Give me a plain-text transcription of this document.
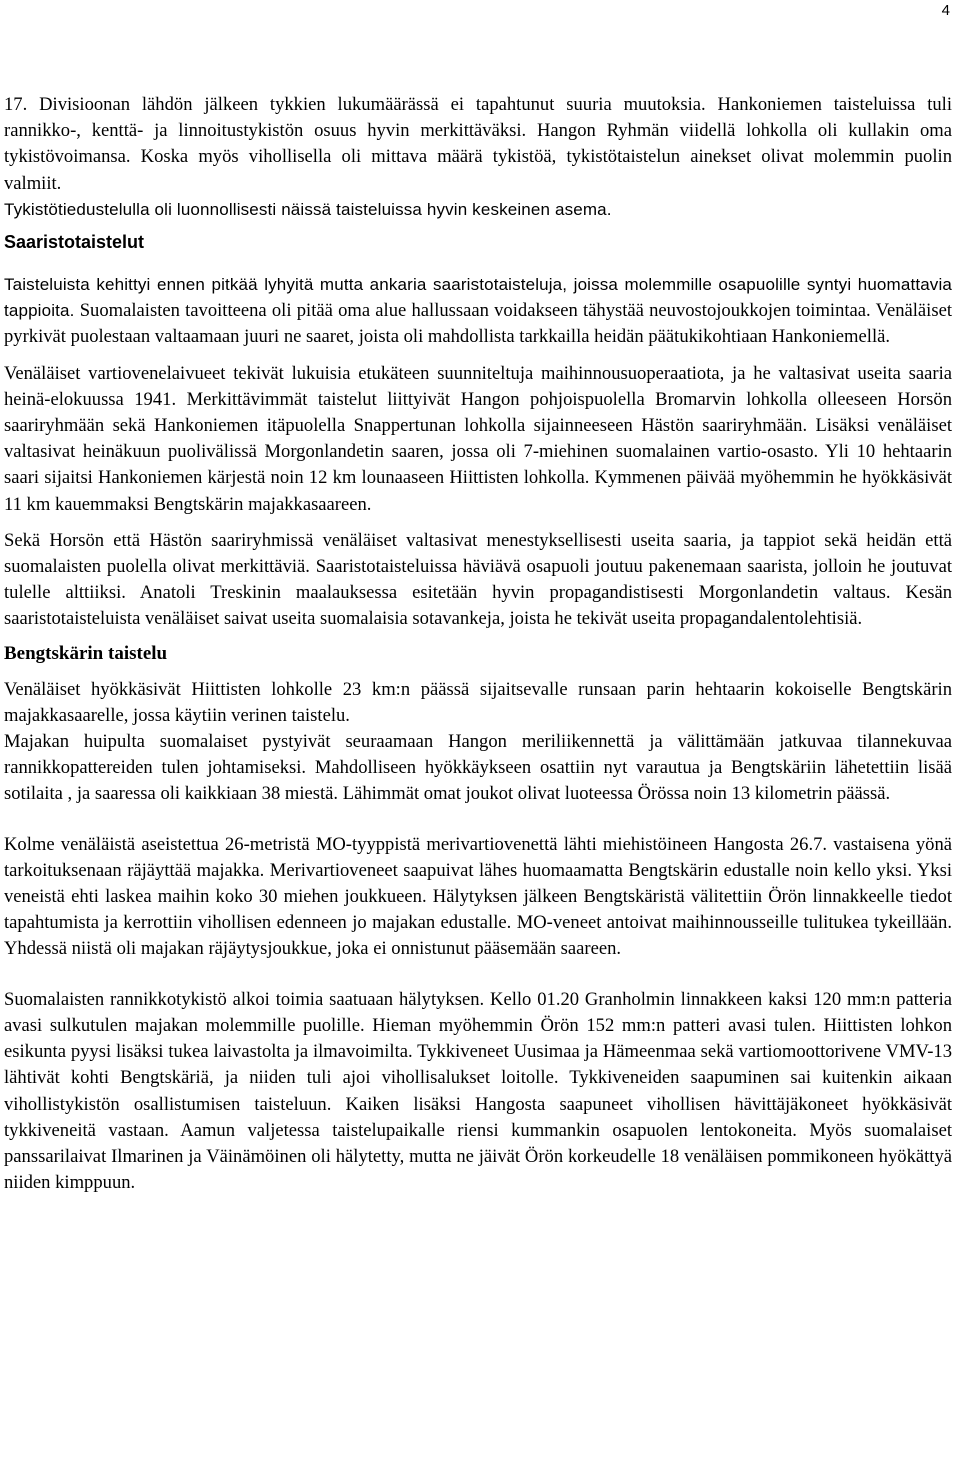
4

17. Divisioonan lähdön jälkeen tykkien lukumäärässä ei tapahtunut suuria muutoksia. Hankoniemen taisteluissa tuli rannikko-, kenttä- ja linnoitustykistön osuus hyvin merkittäväksi. Hangon Ryhmän viidellä lohkolla oli kullakin oma tykistövoimansa. Koska myös vihollisella oli mittava määrä tykistöä, tykistötaistelun ainekset olivat molemmin puolin valmiit.

Tykistötiedustelulla oli luonnollisesti näissä taisteluissa hyvin keskeinen asema.

Saaristotaistelut

Taisteluista kehittyi ennen pitkää lyhyitä mutta ankaria saaristotaisteluja, joissa molemmille osapuolille syntyi huomattavia tappioita. Suomalaisten tavoitteena oli pitää oma alue hallussaan voidakseen tähystää neuvostojoukkojen toimintaa. Venäläiset pyrkivät puolestaan valtaamaan juuri ne saaret, joista oli mahdollista tarkkailla heidän päätukikohtiaan Hankoniemellä.

Venäläiset vartiovenelaivueet tekivät lukuisia etukäteen suunniteltuja maihinnousuoperaatiota, ja he valtasivat useita saaria heinä-elokuussa 1941. Merkittävimmät taistelut liittyivät Hangon pohjoispuolella Bromarvin lohkolla olleeseen Horsön saariryhmään sekä Hankoniemen itäpuolella Snappertunan lohkolla sijainneeseen Hästön saariryhmään. Lisäksi venäläiset valtasivat heinäkuun puolivälissä Morgonlandetin saaren, jossa oli 7-miehinen suomalainen vartio-osasto. Yli 10 hehtaarin saari sijaitsi Hankoniemen kärjestä noin 12 km lounaaseen Hiittisten lohkolla. Kymmenen päivää myöhemmin he hyökkäsivät 11 km kauemmaksi Bengtskärin majakkasaareen.

Sekä Horsön että Hästön saariryhmissä venäläiset valtasivat menestyksellisesti useita saaria, ja tappiot sekä heidän että suomalaisten puolella olivat merkittäviä. Saaristotaisteluissa häviävä osapuoli joutuu pakenemaan saarista, jolloin he joutuvat tulelle alttiiksi. Anatoli Treskinin maalauksessa esitetään hyvin propagandistisesti Morgonlandetin valtaus. Kesän saaristotaisteluista venäläiset saivat useita suomalaisia sotavankeja, joista he tekivät useita propagandalentolehtisiä.

Bengtskärin taistelu

Venäläiset hyökkäsivät Hiittisten lohkolle 23 km:n päässä sijaitsevalle runsaan parin hehtaarin kokoiselle Bengtskärin majakkasaarelle, jossa käytiin verinen taistelu.

Majakan huipulta suomalaiset pystyivät seuraamaan Hangon meriliikennettä ja välittämään jatkuvaa tilannekuvaa rannikkopattereiden tulen johtamiseksi. Mahdolliseen hyökkäykseen osattiin nyt varautua ja Bengtskäriin lähetettiin lisää sotilaita , ja saaressa oli kaikkiaan 38 miestä. Lähimmät omat joukot olivat luoteessa Örössa noin 13 kilometrin päässä.

Kolme venäläistä aseistettua 26-metristä MO-tyyppistä merivartiovenettä lähti miehistöineen Hangosta 26.7. vastaisena yönä tarkoituksenaan räjäyttää majakka. Merivartioveneet saapuivat lähes huomaamatta Bengtskärin edustalle noin kello yksi. Yksi veneistä ehti laskea maihin koko 30 miehen joukkueen. Hälytyksen jälkeen Bengtskäristä välitettiin Örön linnakkeelle tiedot tapahtumista ja kerrottiin vihollisen edenneen jo majakan edustalle. MO-veneet antoivat maihinnousseille tulitukea tykeillään. Yhdessä niistä oli majakan räjäytysjoukkue, joka ei onnistunut pääsemään saareen.

Suomalaisten rannikkotykistö alkoi toimia saatuaan hälytyksen. Kello 01.20 Granholmin linnakkeen kaksi 120 mm:n patteria avasi sulkutulen majakan molemmille puolille. Hieman myöhemmin Örön 152 mm:n patteri avasi tulen. Hiittisten lohkon esikunta pyysi lisäksi tukea laivastolta ja ilmavoimilta. Tykkiveneet Uusimaa ja Hämeenmaa sekä vartiomoottorivene VMV-13 lähtivät kohti Bengtskäriä, ja niiden tuli ajoi vihollisalukset loitolle. Tykkiveneiden saapuminen sai kuitenkin aikaan vihollistykistön osallistumisen taisteluun. Kaiken lisäksi Hangosta saapuneet vihollisen hävittäjäkoneet hyökkäsivät tykkiveneitä vastaan. Aamun valjetessa taistelupaikalle riensi kummankin osapuolen lentokoneita. Myös suomalaiset panssarilaivat Ilmarinen ja Väinämöinen oli hälytetty, mutta ne jäivät Örön korkeudelle 18 venäläisen pommikoneen hyökättyä niiden kimppuun.
